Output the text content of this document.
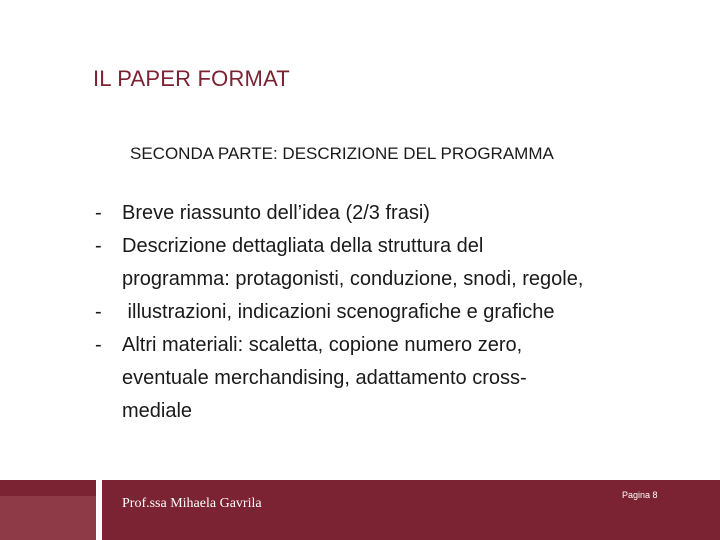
IL PAPER FORMAT
SECONDA PARTE: DESCRIZIONE DEL PROGRAMMA
-	Breve riassunto dell’idea (2/3 frasi)
-	Descrizione dettagliata della struttura del
programma: protagonisti, conduzione, snodi, regole,
-	illustrazioni, indicazioni scenografiche e grafiche
-	Altri materiali: scaletta, copione numero zero,
eventuale merchandising, adattamento cross-
mediale
Prof.ssa Mihaela Gavrila
Pagina 8
